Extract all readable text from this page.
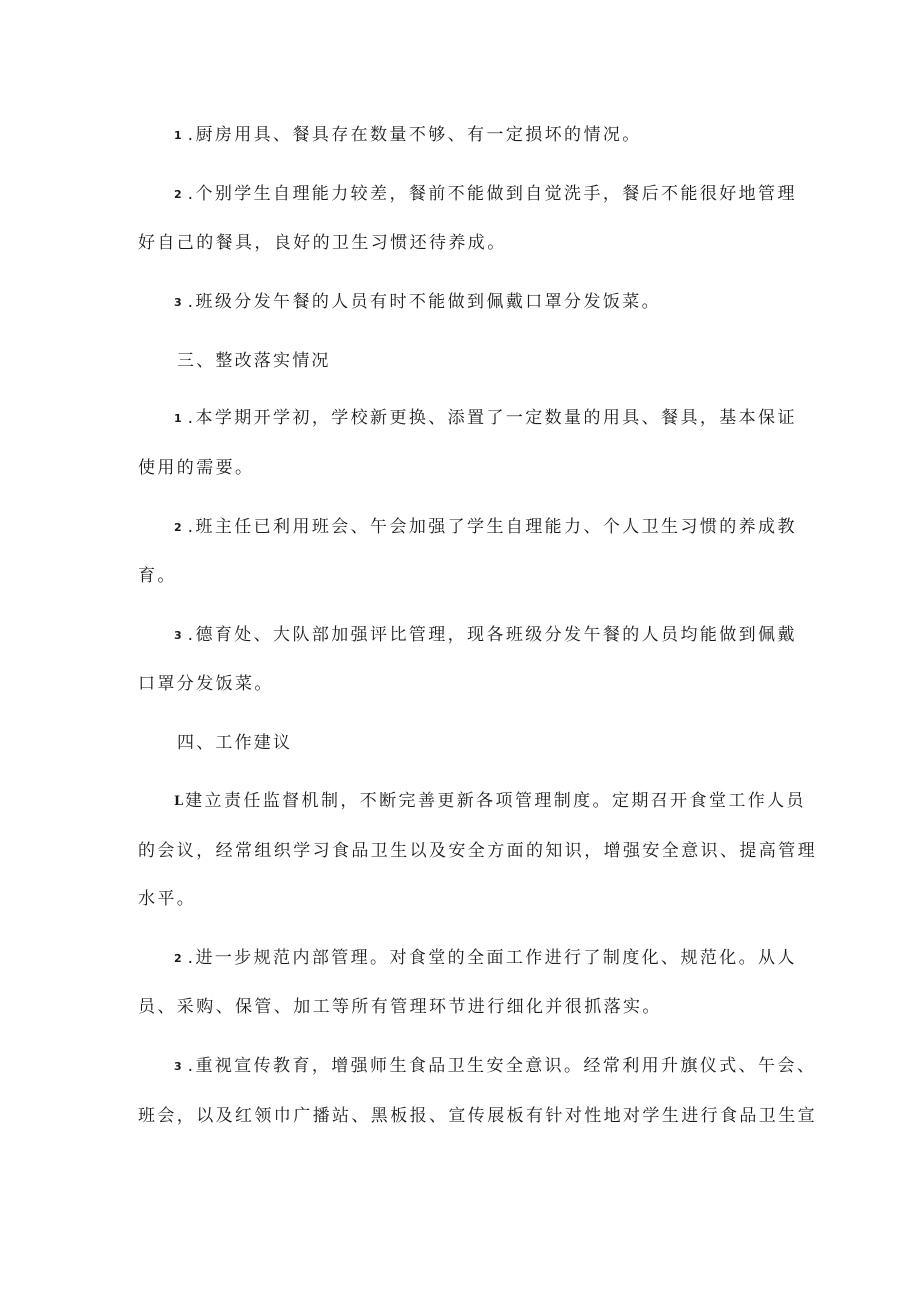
1 .厨房用具、餐具存在数量不够、有一定损坏的情况。
2 .个别学生自理能力较差，餐前不能做到自觉洗手，餐后不能很好地管理
好自己的餐具，良好的卫生习惯还待养成。
3 .班级分发午餐的人员有时不能做到佩戴口罩分发饭菜。
三、整改落实情况
1 .本学期开学初，学校新更换、添置了一定数量的用具、餐具，基本保证
使用的需要。
2 .班主任已利用班会、午会加强了学生自理能力、个人卫生习惯的养成教
育。
3 .德育处、大队部加强评比管理，现各班级分发午餐的人员均能做到佩戴
口罩分发饭菜。
四、工作建议
L 建立责任监督机制，不断完善更新各项管理制度。定期召开食堂工作人员
的会议，经常组织学习食品卫生以及安全方面的知识，增强安全意识、提高管理
水平。
2 .进一步规范内部管理。对食堂的全面工作进行了制度化、规范化。从人
员、采购、保管、加工等所有管理环节进行细化并很抓落实。
3 .重视宣传教育，增强师生食品卫生安全意识。经常利用升旗仪式、午会、
班会，以及红领巾广播站、黑板报、宣传展板有针对性地对学生进行食品卫生宣
